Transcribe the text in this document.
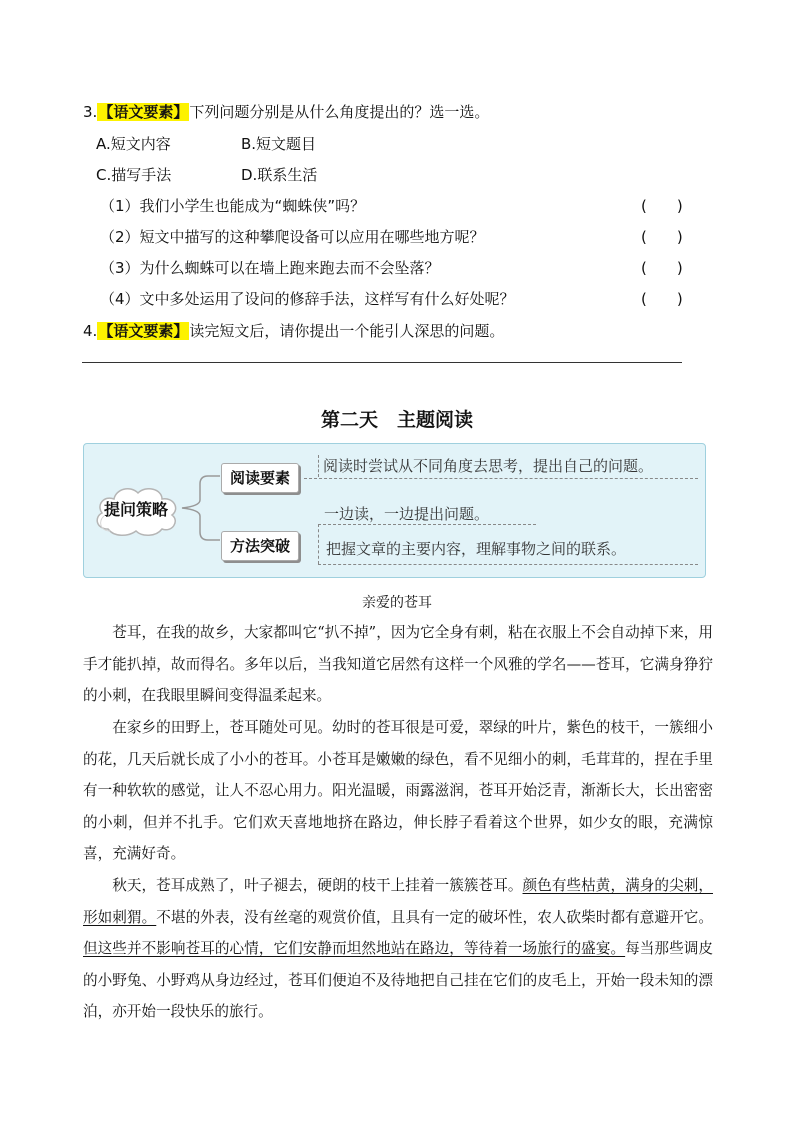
3.【语文要素】下列问题分别是从什么角度提出的？选一选。
A.短文内容	B.短文题目
C.描写手法	D.联系生活
（1）我们小学生也能成为“蜘蛛侠”吗？	(　　)
（2）短文中描写的这种攀爬设备可以应用在哪些地方呢？	(　　)
（3）为什么蜘蛛可以在墙上跑来跑去而不会坠落？	(　　)
（4）文中多处运用了设问的修辞手法，这样写有什么好处呢？	(　　)
4.【语文要素】读完短文后，请你提出一个能引人深思的问题。
第二天　主题阅读
提问策略
阅读要素
方法突破
阅读时尝试从不同角度去思考，提出自己的问题。
一边读，一边提出问题。
把握文章的主要内容，理解事物之间的联系。
亲爱的苍耳

苍耳，在我的故乡，大家都叫它“扒不掉”，因为它全身有刺，粘在衣服上不会自动掉下来，用手才能扒掉，故而得名。多年以后，当我知道它居然有这样一个风雅的学名——苍耳，它满身狰狞的小刺，在我眼里瞬间变得温柔起来。

在家乡的田野上，苍耳随处可见。幼时的苍耳很是可爱，翠绿的叶片，紫色的枝干，一簇细小的花，几天后就长成了小小的苍耳。小苍耳是嫩嫩的绿色，看不见细小的刺，毛茸茸的，捏在手里有一种软软的感觉，让人不忍心用力。阳光温暖，雨露滋润，苍耳开始泛青，渐渐长大，长出密密的小刺，但并不扎手。它们欢天喜地地挤在路边，伸长脖子看着这个世界，如少女的眼，充满惊喜，充满好奇。

秋天，苍耳成熟了，叶子褪去，硬朗的枝干上挂着一簇簇苍耳。颜色有些枯黄，满身的尖刺，形如刺猬。不堪的外表，没有丝毫的观赏价值，且具有一定的破坏性，农人砍柴时都有意避开它。但这些并不影响苍耳的心情，它们安静而坦然地站在路边，等待着一场旅行的盛宴。每当那些调皮的小野兔、小野鸡从身边经过，苍耳们便迫不及待地把自己挂在它们的皮毛上，开始一段未知的漂泊，亦开始一段快乐的旅行。
